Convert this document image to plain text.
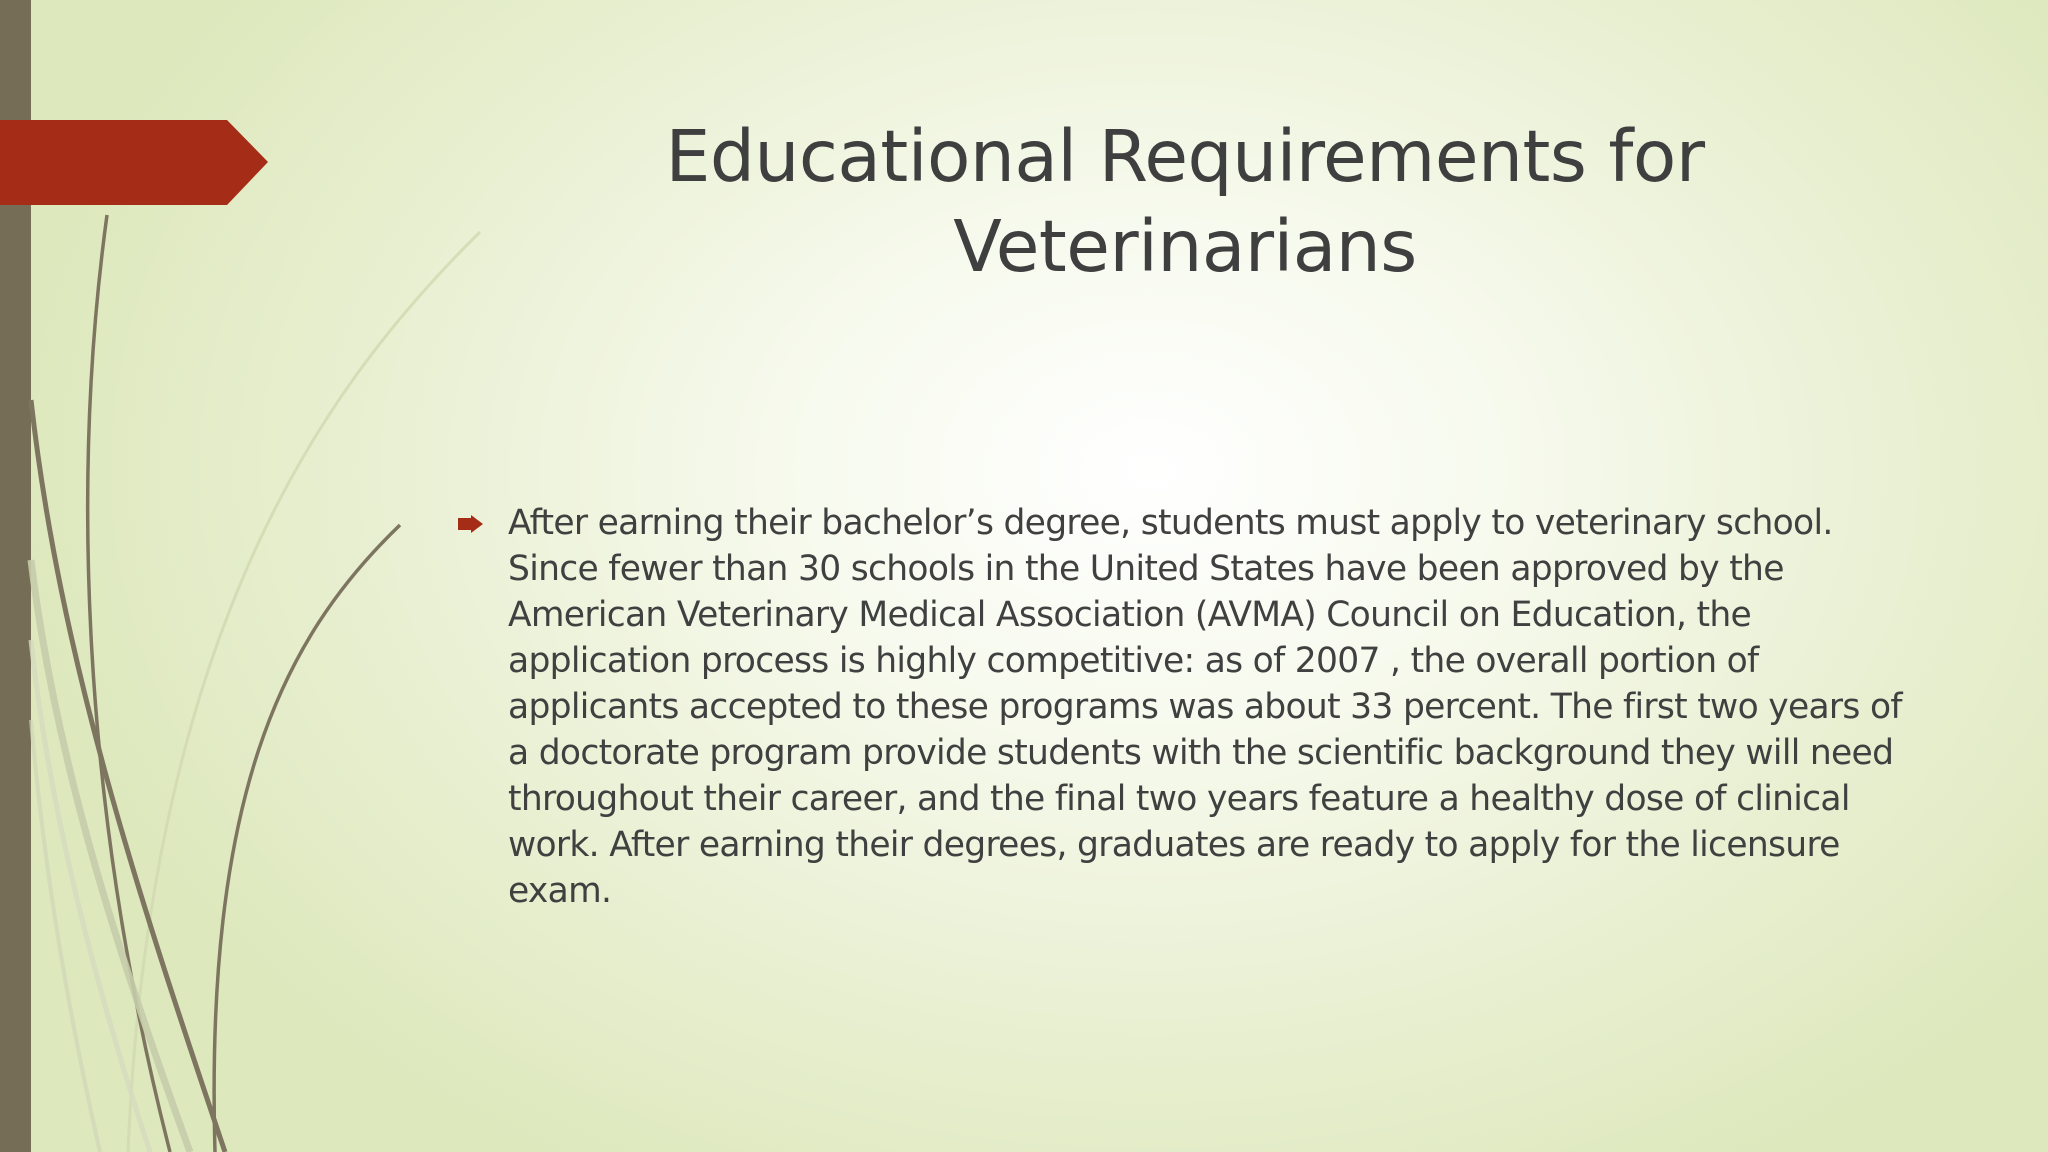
Educational Requirements for Veterinarians

After earning their bachelor’s degree, students must apply to veterinary school. Since fewer than 30 schools in the United States have been approved by the American Veterinary Medical Association (AVMA) Council on Education, the application process is highly competitive: as of 2007 , the overall portion of applicants accepted to these programs was about 33 percent. The first two years of a doctorate program provide students with the scientific background they will need throughout their career, and the final two years feature a healthy dose of clinical work. After earning their degrees, graduates are ready to apply for the licensure exam.
